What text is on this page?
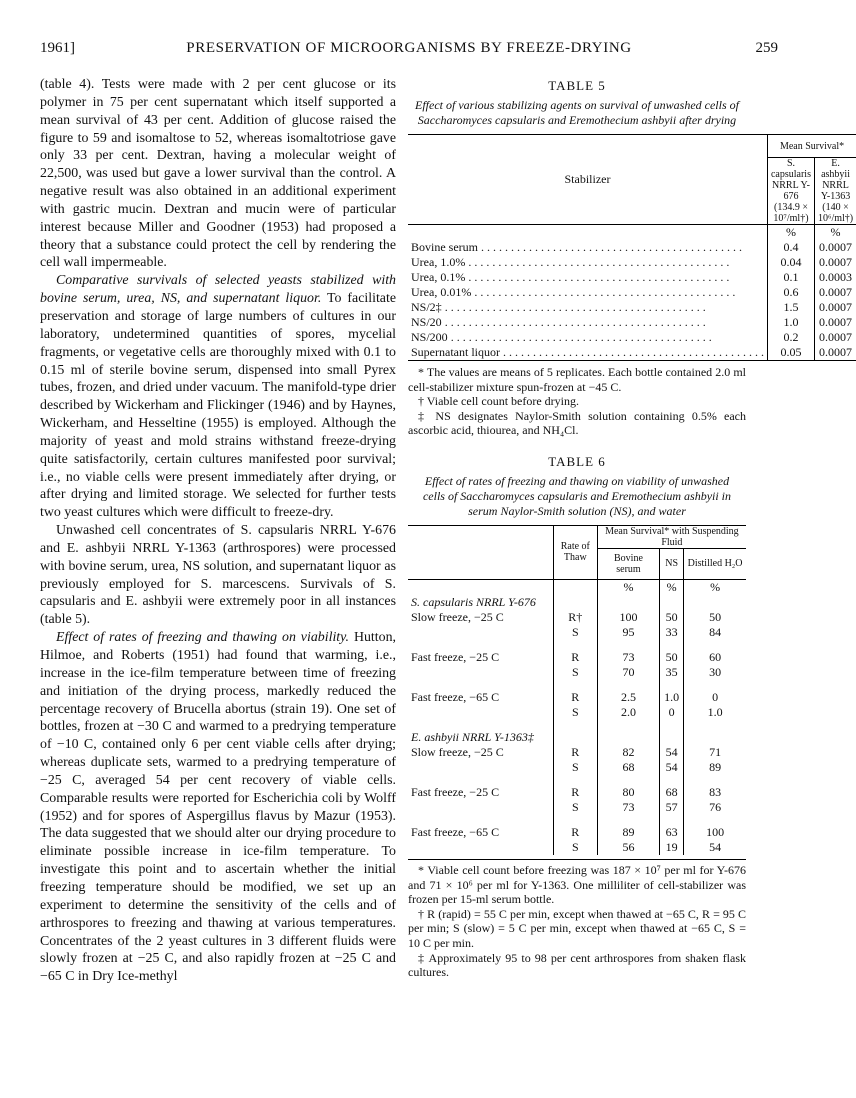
1961]	PRESERVATION OF MICROORGANISMS BY FREEZE-DRYING	259

(table 4). Tests were made with 2 per cent glucose or its polymer in 75 per cent supernatant which itself supported a mean survival of 43 per cent. Addition of glucose raised the figure to 59 and isomaltose to 52, whereas isomaltotriose gave only 33 per cent. Dextran, having a molecular weight of 22,500, was used but gave a lower survival than the control. A negative result was also obtained in an additional experiment with gastric mucin. Dextran and mucin were of particular interest because Miller and Goodner (1953) had proposed a theory that a substance could protect the cell by rendering the cell wall impermeable.

Comparative survivals of selected yeasts stabilized with bovine serum, urea, NS, and supernatant liquor. To facilitate preservation and storage of large numbers of cultures in our laboratory, undetermined quantities of spores, mycelial fragments, or vegetative cells are thoroughly mixed with 0.1 to 0.15 ml of sterile bovine serum, dispensed into small Pyrex tubes, frozen, and dried under vacuum. The manifold-type drier described by Wickerham and Flickinger (1946) and by Haynes, Wickerham, and Hesseltine (1955) is employed. Although the majority of yeast and mold strains withstand freeze-drying quite satisfactorily, certain cultures manifested poor survival; i.e., no viable cells were present immediately after drying, or after drying and limited storage. We selected for further tests two yeast cultures which were difficult to freeze-dry.

Unwashed cell concentrates of S. capsularis NRRL Y-676 and E. ashbyii NRRL Y-1363 (arthrospores) were processed with bovine serum, urea, NS solution, and supernatant liquor as previously employed for S. marcescens. Survivals of S. capsularis and E. ashbyii were extremely poor in all instances (table 5).

Effect of rates of freezing and thawing on viability. Hutton, Hilmoe, and Roberts (1951) had found that warming, i.e., increase in the ice-film temperature between time of freezing and initiation of the drying process, markedly reduced the percentage recovery of Brucella abortus (strain 19). One set of bottles, frozen at −30 C and warmed to a predrying temperature of −10 C, contained only 6 per cent viable cells after drying; whereas duplicate sets, warmed to a predrying temperature of −25 C, averaged 54 per cent recovery of viable cells. Comparable results were reported for Escherichia coli by Wolff (1952) and for spores of Aspergillus flavus by Mazur (1953). The data suggested that we should alter our drying procedure to eliminate possible increase in ice-film temperature. To investigate this point and to ascertain whether the initial freezing temperature should be modified, we set up an experiment to determine the sensitivity of the cells and of arthrospores to freezing and thawing at various temperatures. Concentrates of the 2 yeast cultures in 3 different fluids were slowly frozen at −25 C, and also rapidly frozen at −25 C and −65 C in Dry Ice-methyl

TABLE 5
Effect of various stabilizing agents on survival of unwashed cells of Saccharomyces capsularis and Eremothecium ashbyii after drying
Stabilizer	Mean Survival*	
	S. capsularis NRRL Y-676 (134.9 × 10⁷/ml†)	E. ashbyii NRRL Y-1363 (140 × 10⁶/ml†)
	%	%

Bovine serum . . .	0.4	0.0007

Urea, 1.0% . . .	0.04	0.0007

Urea, 0.1% . . .	0.1	0.0003

Urea, 0.01% . . .	0.6	0.0007

NS/2‡ . . .	1.5	0.0007

NS/20 . . .	1.0	0.0007

NS/200 . . .	0.2	0.0007

Supernatant liquor . . .	0.05	0.0007

* The values are means of 5 replicates. Each bottle contained 2.0 ml cell-stabilizer mixture spun-frozen at −45 C.

† Viable cell count before drying.

‡ NS designates Naylor-Smith solution containing 0.5% each ascorbic acid, thiourea, and NH₄Cl.

TABLE 6
Effect of rates of freezing and thawing on viability of unwashed cells of Saccharomyces capsularis and Eremothecium ashbyii in serum Naylor-Smith solution (NS), and water
	Rate of Thaw	Mean Survival* with Suspending Fluid		
		Bovine serum	NS	Distilled H₂O
		%	%	%
S. capsularis NRRL Y-676				
Slow freeze, −25 C	R†	100	50	50
	S	95	33	84

Fast freeze, −25 C	R	73	50	60
	S	70	35	30

Fast freeze, −65 C	R	2.5	1.0	0
	S	2.0	0	1.0

E. ashbyii NRRL Y-1363‡				
Slow freeze, −25 C	R	82	54	71
	S	68	54	89

Fast freeze, −25 C	R	80	68	83
	S	73	57	76

Fast freeze, −65 C	R	89	63	100
	S	56	19	54

* Viable cell count before freezing was 187 × 10⁷ per ml for Y-676 and 71 × 10⁶ per ml for Y-1363. One milliliter of cell-stabilizer was frozen per 15-ml serum bottle.

† R (rapid) = 55 C per min, except when thawed at −65 C, R = 95 C per min; S (slow) = 5 C per min, except when thawed at −65 C, S = 10 C per min.

‡ Approximately 95 to 98 per cent arthrospores from shaken flask cultures.
